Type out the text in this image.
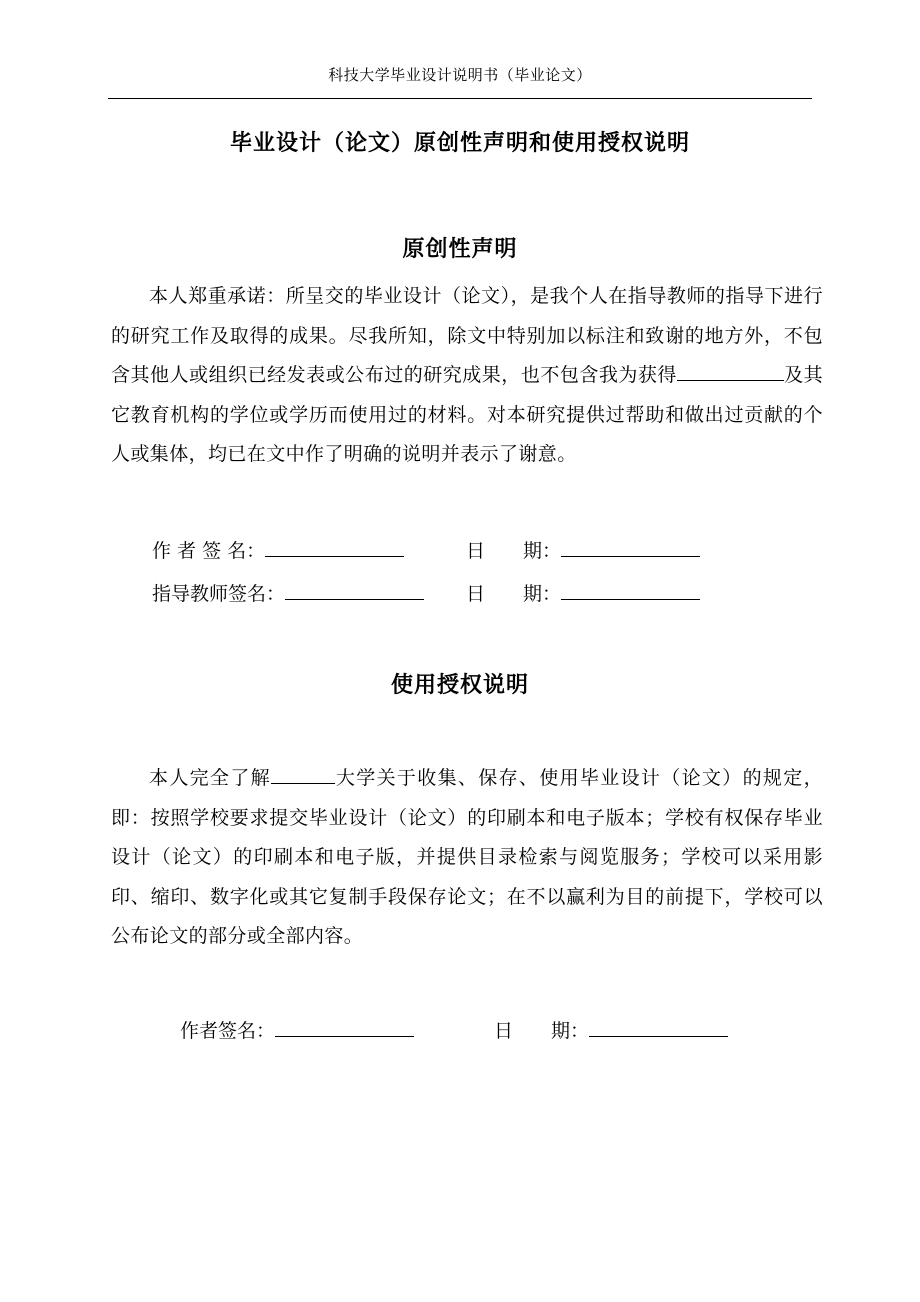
科技大学毕业设计说明书（毕业论文）
毕业设计（论文）原创性声明和使用授权说明
原创性声明

本人郑重承诺：所呈交的毕业设计（论文），是我个人在指导教师的指导下进行的研究工作及取得的成果。尽我所知，除文中特别加以标注和致谢的地方外，不包含其他人或组织已经发表或公布过的研究成果，也不包含我为获得	及其它教育机构的学位或学历而使用过的材料。对本研究提供过帮助和做出过贡献的个人或集体，均已在文中作了明确的说明并表示了谢意。

作 者 签 名：	日　　期：
指导教师签名：	日　　期：
使用授权说明

本人完全了解	大学关于收集、保存、使用毕业设计（论文）的规定，即：按照学校要求提交毕业设计（论文）的印刷本和电子版本；学校有权保存毕业设计（论文）的印刷本和电子版，并提供目录检索与阅览服务；学校可以采用影印、缩印、数字化或其它复制手段保存论文；在不以赢利为目的前提下，学校可以公布论文的部分或全部内容。

作者签名：	日　　期：
